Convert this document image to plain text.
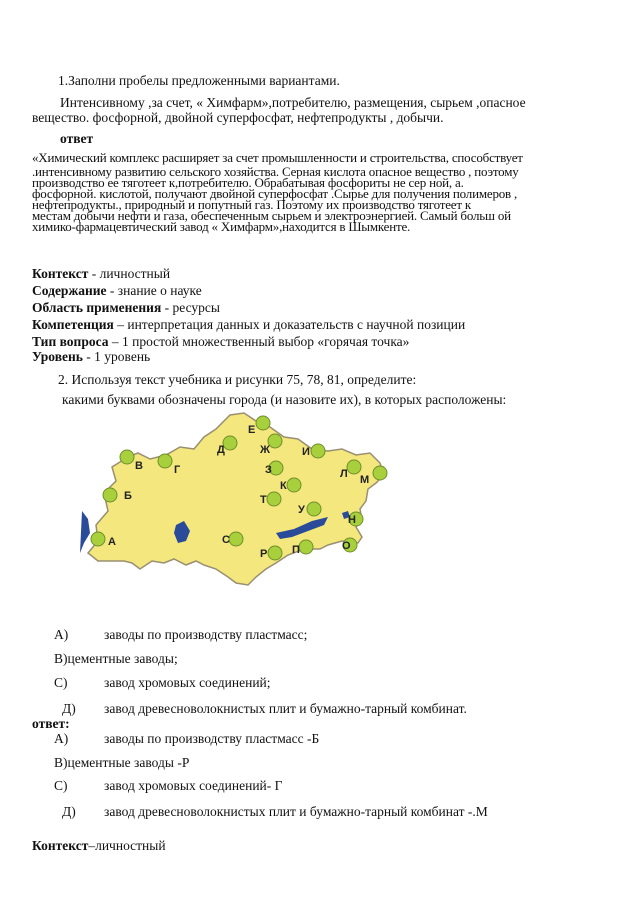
1.Заполни пробелы предложенными вариантами.
Интенсивному ,за счет, « Химфарм»,потребителю, размещения, сырьем ,опасное
вещество. фосфорной, двойной суперфосфат, нефтепродукты , добычи.
ответ
«Химический комплекс расширяет за счет промышленности и строительства, способствует
.интенсивному развитию сельского хозяйства. Серная кислота опасное вещество , поэтому
производство ее тяготеет к,потребителю. Обрабатывая фосфориты не сер ной, а.
фосфорной. кислотой, получают двойной суперфосфат .Сырье для получения полимеров ,
нефтепродукты., природный и попутный газ. Поэтому их производство тяготеет к
местам добычи нефти и газа, обеспеченным сырьем и электроэнергией. Самый больш ой
химико-фармацевтический завод « Химфарм»,находится в Шымкенте.
Контекст - личностный
Содержание - знание о науке
Область применения - ресурсы
Компетенция – интерпретация данных и доказательств с научной позиции
Тип вопроса – 1 простой множественный выбор «горячая точка»
Уровень - 1 уровень
2. Используя текст учебника и рисунки 75, 78, 81, определите:
какими буквами обозначены города (и назовите их), в которых расположены:
Е
Д	Ж	И
В	Г	З	Л М
К
Б	Т
У
Н
А	С	О
Р П
А)	заводы по производству пластмасс;
В)цементные заводы;
С)	завод хромовых соединений;
Д) завод древесноволокнистых плит и бумажно-тарный комбинат.
ответ:
А)	заводы по производству пластмасс -Б
В)цементные заводы -Р
С)	завод хромовых соединений- Г
Д) завод древесноволокнистых плит и бумажно-тарный комбинат -.М
Контекст–личностный
